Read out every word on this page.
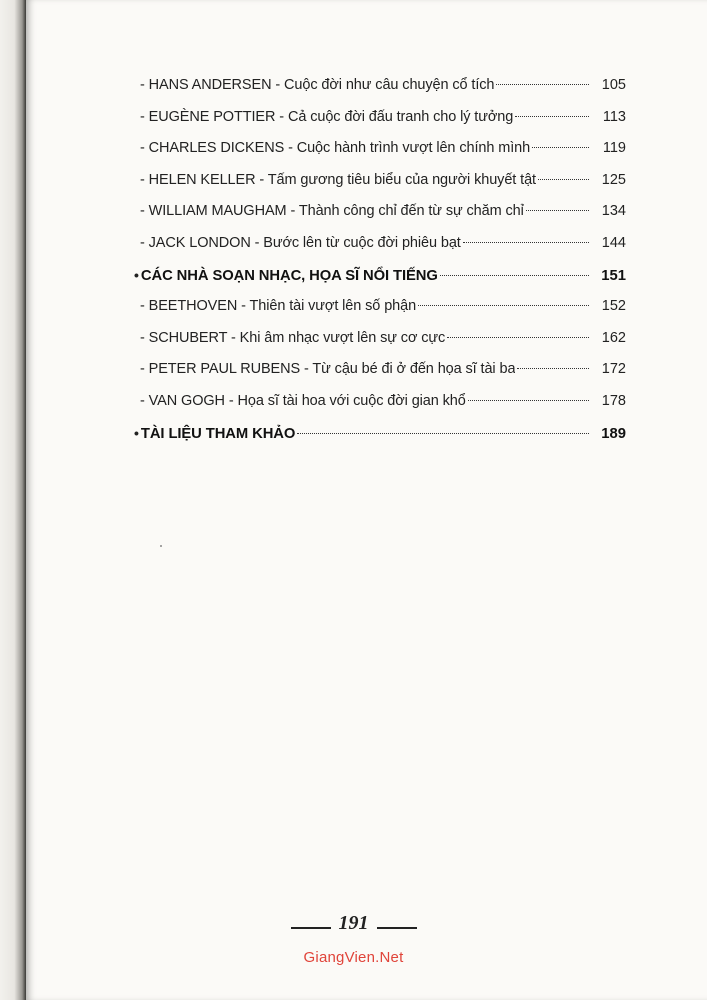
- HANS ANDERSEN - Cuộc đời như câu chuyện cổ tích	105
- EUGÈNE POTTIER - Cả cuộc đời đấu tranh cho lý tưởng	113
- CHARLES DICKENS - Cuộc hành trình vượt lên chính mình	119
- HELEN KELLER - Tấm gương tiêu biểu của người khuyết tật	125
- WILLIAM MAUGHAM - Thành công chỉ đến từ sự chăm chỉ	134
- JACK LONDON - Bước lên từ cuộc đời phiêu bạt	144
• CÁC NHÀ SOẠN NHẠC, HỌA SĨ NỔI TIẾNG	151
- BEETHOVEN - Thiên tài vượt lên số phận	152
- SCHUBERT - Khi âm nhạc vượt lên sự cơ cực	162
- PETER PAUL RUBENS - Từ cậu bé đi ở đến họa sĩ tài ba	172
- VAN GOGH - Họa sĩ tài hoa với cuộc đời gian khổ	178
• TÀI LIỆU THAM KHẢO	189
191
GiangVien.Net
